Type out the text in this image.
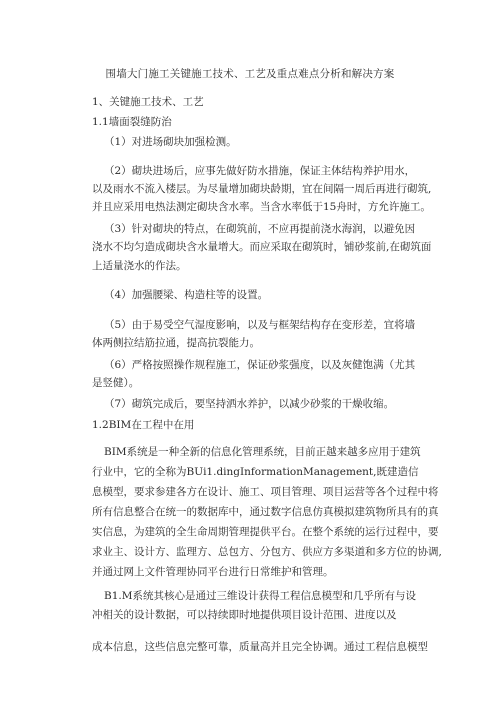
围墙大门施工关键施工技术、工艺及重点难点分析和解决方案
1、关键施工技术、工艺
1.1墙面裂缝防治
（1）对进场砌块加强检测。
（2）砌块进场后，应事先做好防水措施，保证主体结构养护用水，
以及雨水不流入楼层。为尽量增加砌块龄期，宜在间隔一周后再进行砌筑,
并且应采用电热法测定砌块含水率。当含水率低于15舟时，方允许施工。
（3）针对砌块的特点，在砌筑前，不应再提前浇水海润，以避免因
浇水不均匀造成砌块含水量增大。而应采取在砌筑时，铺砂浆前,在砌筑面
上适量浇水的作法。
（4）加强腰梁、构造柱等的设置。
（5）由于易受空气湿度影响，以及与框架结构存在变形差，宜将墙
体两侧拉结筋拉通，提高抗裂能力。
（6）严格按照操作规程施工，保证砂浆强度，以及灰健饱满（尤其
是竖健）。
（7）砌筑完成后，要坚持洒水养护，以减少砂浆的干燥收缩。
1.2BIM在工程中在用
BIM系统是一种全新的信息化管理系统，目前正越来越多应用于建筑
行业中，它的全称为BUi1.dingInformationManagement,既建造信
息模型，要求参建各方在设计、施工、项目管理、项目运营等各个过程中将
所有信息整合在统一的数据库中，通过数字信息仿真模拟建筑物所具有的真
实信息，为建筑的全生命周期管理提供平台。在整个系统的运行过程中，要
求业主、设计方、监理方、总包方、分包方、供应方多渠道和多方位的协调,
并通过网上文件管理协同平台进行日常维护和管理。
B1.M系统其核心是通过三维设计获得工程信息模型和几乎所有与设
冲相关的设计数据，可以持续即时地提供项目设计范围、进度以及
成本信息，这些信息完整可靠，质量高并且完全协调。通过工程信息模型
